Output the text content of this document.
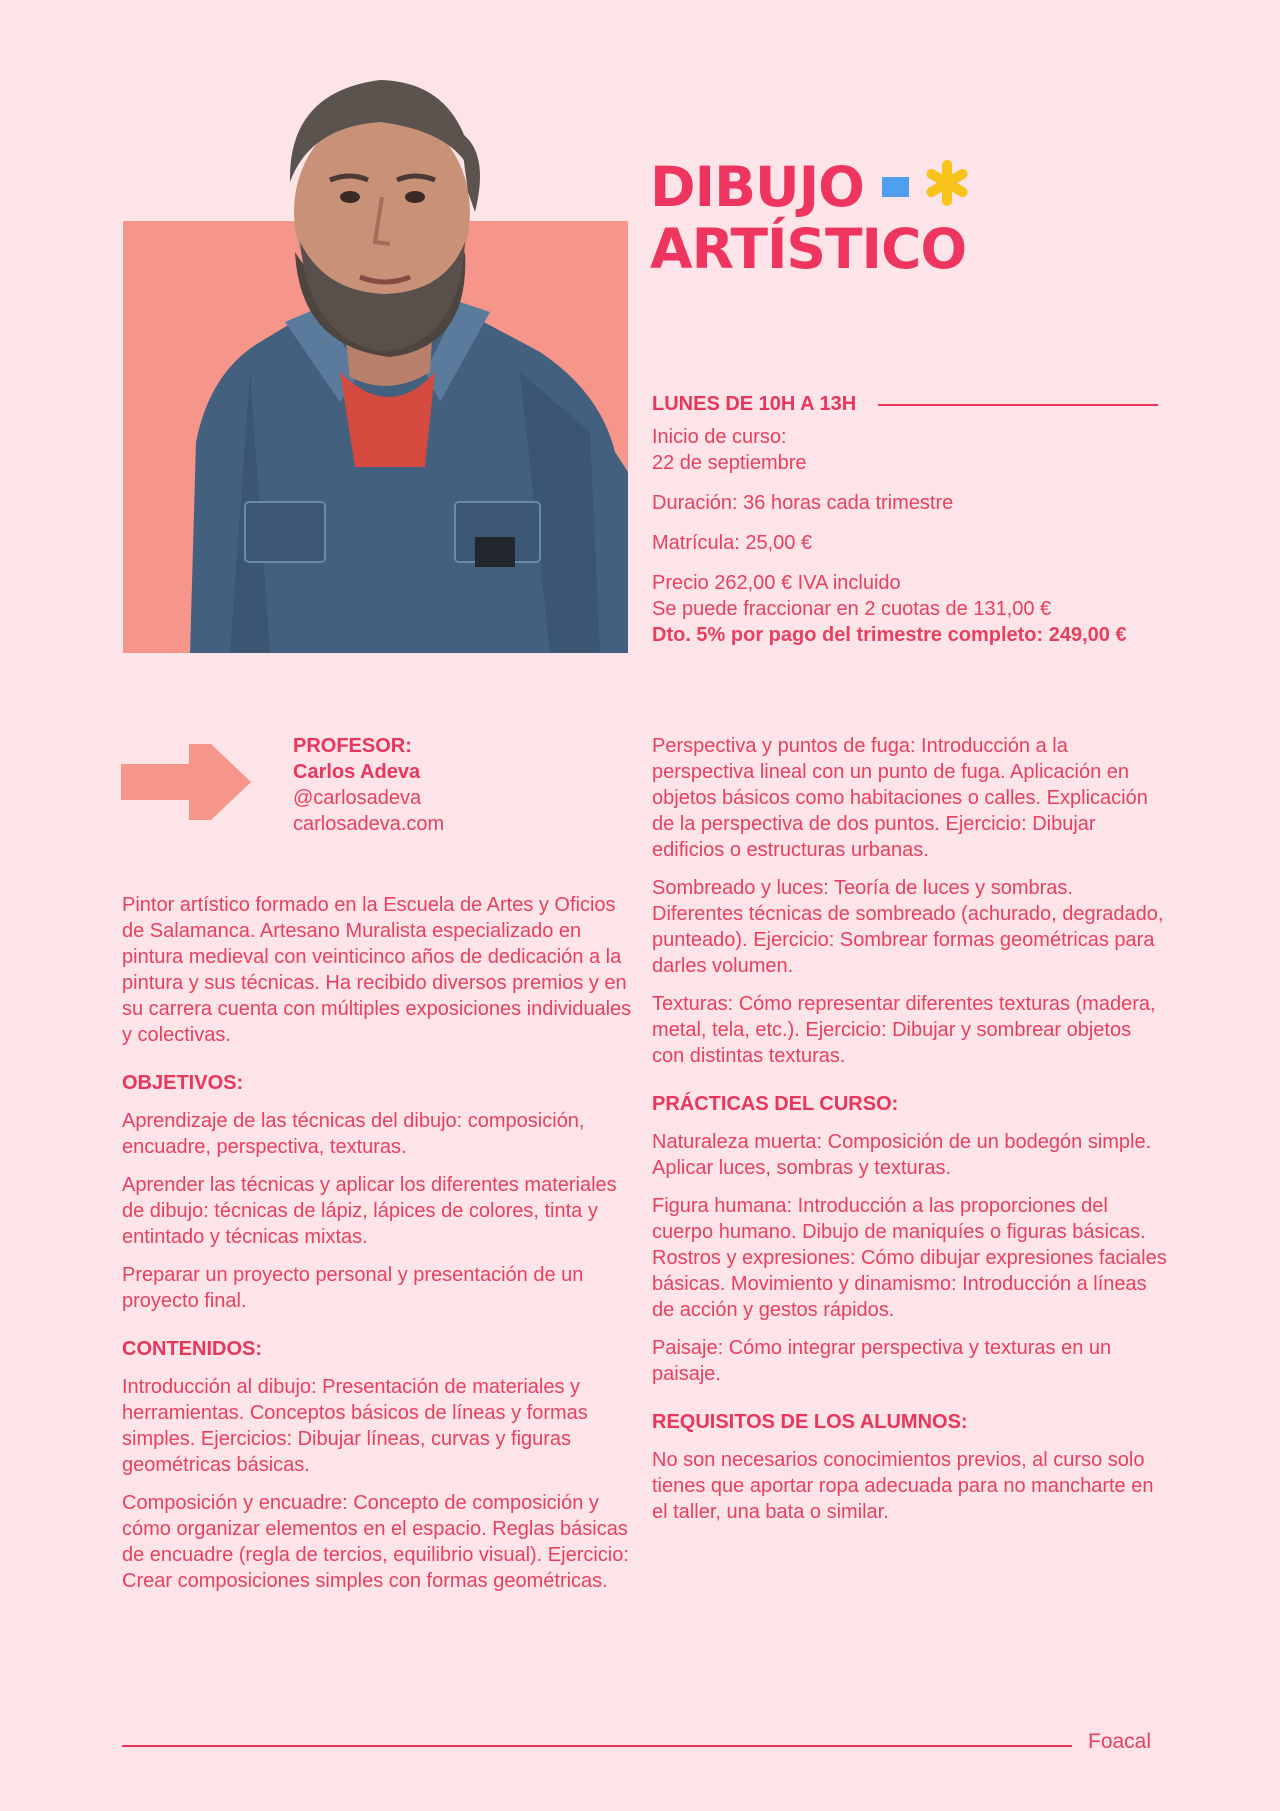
DIBUJO
ARTÍSTICO
LUNES DE 10H A 13H

Inicio de curso:
22 de septiembre

Duración: 36 horas cada trimestre

Matrícula: 25,00 €

Precio 262,00 € IVA incluido
Se puede fraccionar en 2 cuotas de 131,00 €
Dto. 5% por pago del trimestre completo: 249,00 €

PROFESOR:
Carlos Adeva
@carlosadeva
carlosadeva.com

Pintor artístico formado en la Escuela de Artes y Oficios de Salamanca. Artesano Muralista especializado en pintura medieval con veinticinco años de dedicación a la pintura y sus técnicas. Ha recibido diversos premios y en su carrera cuenta con múltiples exposiciones individuales y colectivas.

OBJETIVOS:

Aprendizaje de las técnicas del dibujo: composición, encuadre, perspectiva, texturas.

Aprender las técnicas y aplicar los diferentes materiales de dibujo: técnicas de lápiz, lápices de colores, tinta y entintado y técnicas mixtas.

Preparar un proyecto personal y presentación de un proyecto final.

CONTENIDOS:

Introducción al dibujo: Presentación de materiales y herramientas. Conceptos básicos de líneas y formas simples. Ejercicios: Dibujar líneas, curvas y figuras geométricas básicas.

Composición y encuadre: Concepto de composición y cómo organizar elementos en el espacio. Reglas básicas de encuadre (regla de tercios, equilibrio visual). Ejercicio: Crear composiciones simples con formas geométricas.

Perspectiva y puntos de fuga: Introducción a la perspectiva lineal con un punto de fuga. Aplicación en objetos básicos como habitaciones o calles. Explicación de la perspectiva de dos puntos. Ejercicio: Dibujar edificios o estructuras urbanas.

Sombreado y luces: Teoría de luces y sombras. Diferentes técnicas de sombreado (achurado, degradado, punteado). Ejercicio: Sombrear formas geométricas para darles volumen.

Texturas: Cómo representar diferentes texturas (madera, metal, tela, etc.). Ejercicio: Dibujar y sombrear objetos con distintas texturas.

PRÁCTICAS DEL CURSO:

Naturaleza muerta: Composición de un bodegón simple. Aplicar luces, sombras y texturas.

Figura humana: Introducción a las proporciones del cuerpo humano. Dibujo de maniquíes o figuras básicas. Rostros y expresiones: Cómo dibujar expresiones faciales básicas. Movimiento y dinamismo: Introducción a líneas de acción y gestos rápidos.

Paisaje: Cómo integrar perspectiva y texturas en un paisaje.

REQUISITOS DE LOS ALUMNOS:

No son necesarios conocimientos previos, al curso solo tienes que aportar ropa adecuada para no mancharte en el taller, una bata o similar.

Foacal
